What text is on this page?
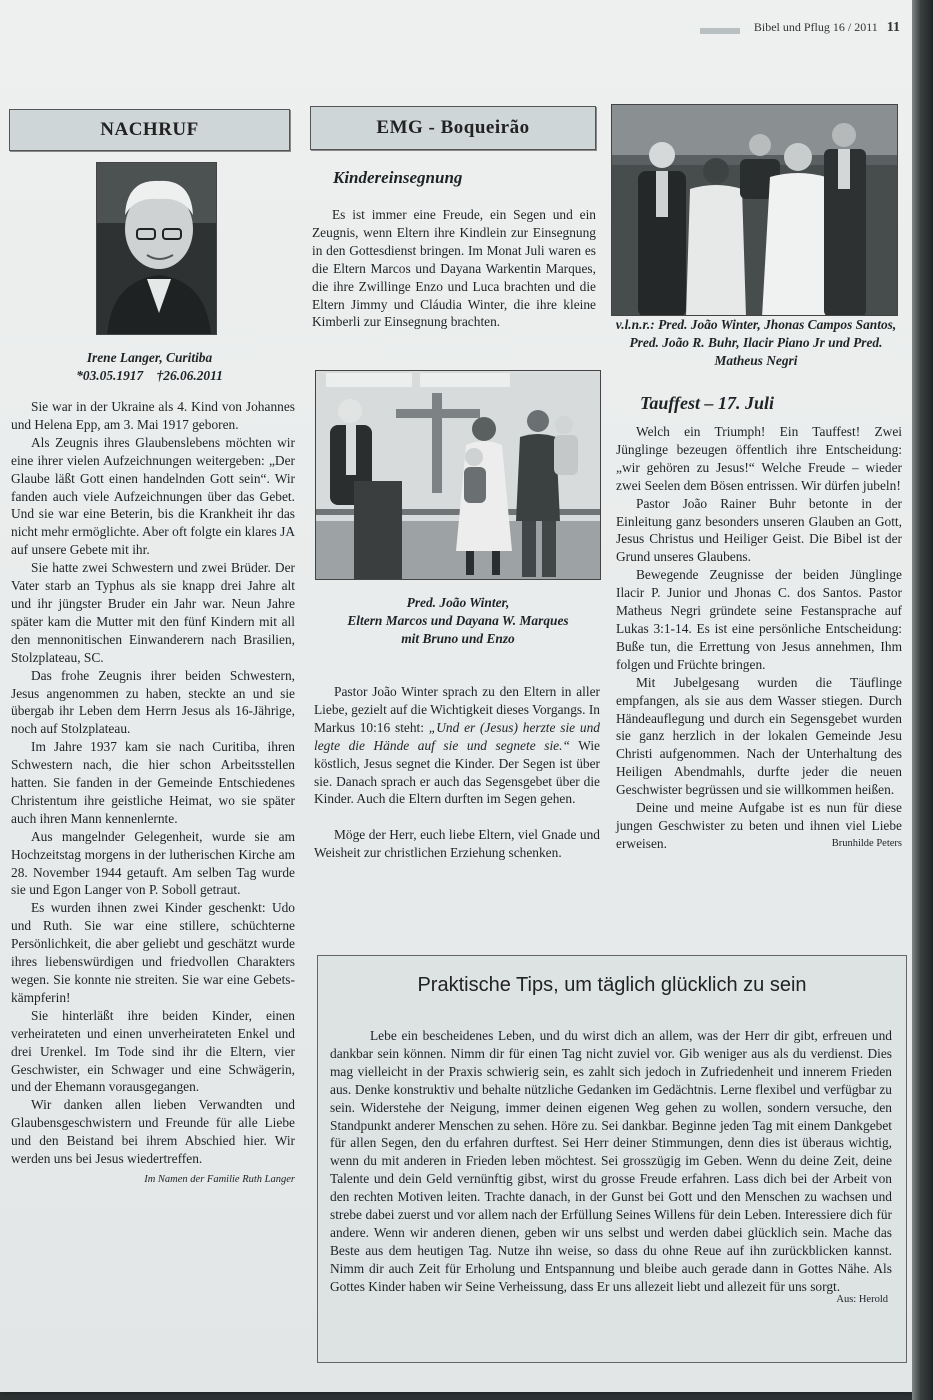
Bibel und Pflug 16 / 2011 11
NACHRUF
Irene Langer, Curitiba
*03.05.1917    †26.06.2011

Sie war in der Ukraine als 4. Kind von Johannes und Helena Epp, am 3. Mai 1917 geboren.

Als Zeugnis ihres Glaubenslebens möchten wir eine ihrer vielen Aufzeichnungen weitergeben: „Der Glaube läßt Gott einen handelnden Gott sein“. Wir fanden auch viele Aufzeichnungen über das Gebet. Und sie war eine Beterin, bis die Krankheit ihr das nicht mehr ermöglichte. Aber oft folgte ein klares JA auf unsere Gebete mit ihr.

Sie hatte zwei Schwestern und zwei Brüder. Der Vater starb an Typhus als sie knapp drei Jahre alt und ihr jüngster Bruder ein Jahr war. Neun Jahre später kam die Mutter mit den fünf Kindern mit all den mennonitischen Einwanderern nach Brasilien, Stolzplateau, SC.

Das frohe Zeugnis ihrer beiden Schwestern, Jesus angenommen zu haben, steckte an und sie übergab ihr Leben dem Herrn Jesus als 16-Jährige, noch auf Stolzplateau.

Im Jahre 1937 kam sie nach Curitiba, ihren Schwestern nach, die hier schon Arbeitsstellen hatten. Sie fanden in der Gemeinde Entschiedenes Christentum ihre geistliche Heimat, wo sie später auch ihren Mann kennenlernte.

Aus mangelnder Gelegenheit, wurde sie am Hochzeitstag morgens in der lutherischen Kirche am 28. November 1944 getauft. Am selben Tag wurde sie und Egon Langer von P. Soboll getraut.

Es wurden ihnen zwei Kinder geschenkt: Udo und Ruth. Sie war eine stillere, schüchterne Persönlichkeit, die aber geliebt und geschätzt wurde ihres liebenswürdigen und friedvollen Charakters wegen. Sie konnte nie streiten. Sie war eine Gebetskämpferin!

Sie hinterläßt ihre beiden Kinder, einen verheirateten und einen unverheirateten Enkel und drei Urenkel. Im Tode sind ihr die Eltern, vier Geschwister, ein Schwager und eine Schwägerin, und der Ehemann vorausgegangen.

Wir danken allen lieben Verwandten und Glaubensgeschwistern und Freunde für alle Liebe und den Beistand bei ihrem Abschied hier. Wir werden uns bei Jesus wiedertreffen.

Im Namen der Familie Ruth Langer
EMG - Boqueirão
Kindereinsegnung

Es ist immer eine Freude, ein Segen und ein Zeugnis, wenn Eltern ihre Kindlein zur Einsegnung in den Gottesdienst bringen. Im Monat Juli waren es die Eltern Marcos und Dayana Warkentin Marques, die ihre Zwillinge Enzo und Luca brachten und die Eltern Jimmy und Cláudia Winter, die ihre kleine Kimberli zur Einsegnung brachten.

Pred. João Winter,
Eltern Marcos und Dayana W. Marques
mit Bruno und Enzo

Pastor João Winter sprach zu den Eltern in aller Liebe, gezielt auf die Wichtigkeit dieses Vorgangs. In Markus 10:16 steht: „Und er (Jesus) herzte sie und legte die Hände auf sie und segnete sie.“ Wie köstlich, Jesus segnet die Kinder. Der Segen ist über sie. Danach sprach er auch das Segensgebet über die Kinder. Auch die Eltern durften im Segen gehen.

Möge der Herr, euch liebe Eltern, viel Gnade und Weisheit zur christlichen Erziehung schenken.

v.l.n.r.: Pred. João Winter, Jhonas Campos Santos, Pred. João R. Buhr, Ilacir Piano Jr und Pred. Matheus Negri
Tauffest – 17. Juli

Welch ein Triumph! Ein Tauffest! Zwei Jünglinge bezeugen öffentlich ihre Entscheidung: „wir gehören zu Jesus!“ Welche Freude – wieder zwei Seelen dem Bösen entrissen. Wir dürfen jubeln!

Pastor João Rainer Buhr betonte in der Einleitung ganz besonders unseren Glauben an Gott, Jesus Christus und Heiliger Geist. Die Bibel ist der Grund unseres Glaubens.

Bewegende Zeugnisse der beiden Jünglinge Ilacir P. Junior und Jhonas C. dos Santos. Pastor Matheus Negri gründete seine Festansprache auf Lukas 3:1-14. Es ist eine persönliche Entscheidung: Buße tun, die Errettung von Jesus annehmen, Ihm folgen und Früchte bringen.

Mit Jubelgesang wurden die Täuflinge empfangen, als sie aus dem Wasser stiegen. Durch Händeauflegung und durch ein Segensgebet wurden sie ganz herzlich in der lokalen Gemeinde Jesu Christi aufgenommen. Nach der Unterhaltung des Heiligen Abendmahls, durfte jeder die neuen Geschwister begrüssen und sie willkommen heißen.

Deine und meine Aufgabe ist es nun für diese jungen Geschwister zu beten und ihnen viel Liebe erweisen.	Brunhilde Peters

Praktische Tips, um täglich glücklich zu sein

Lebe ein bescheidenes Leben, und du wirst dich an allem, was der Herr dir gibt, erfreuen und dankbar sein können. Nimm dir für einen Tag nicht zuviel vor. Gib weniger aus als du verdienst. Dies mag vielleicht in der Praxis schwierig sein, es zahlt sich jedoch in Zufriedenheit und innerem Frieden aus. Denke konstruktiv und behalte nützliche Gedanken im Gedächtnis. Lerne flexibel und verfügbar zu sein. Widerstehe der Neigung, immer deinen eigenen Weg gehen zu wollen, sondern versuche, den Standpunkt anderer Menschen zu sehen. Höre zu. Sei dankbar. Beginne jeden Tag mit einem Dankgebet für allen Segen, den du erfahren durftest. Sei Herr deiner Stimmungen, denn dies ist überaus wichtig, wenn du mit anderen in Frieden leben möchtest. Sei grosszügig im Geben. Wenn du deine Zeit, deine Talente und dein Geld vernünftig gibst, wirst du grosse Freude erfahren. Lass dich bei der Arbeit von den rechten Motiven leiten. Trachte danach, in der Gunst bei Gott und den Menschen zu wachsen und strebe dabei zuerst und vor allem nach der Erfüllung Seines Willens für dein Leben. Interessiere dich für andere. Wenn wir anderen dienen, geben wir uns selbst und werden dabei glücklich sein. Mache das Beste aus dem heutigen Tag. Nutze ihn weise, so dass du ohne Reue auf ihn zurückblicken kannst. Nimm dir auch Zeit für Erholung und Entspannung und bleibe auch gerade dann in Gottes Nähe. Als Gottes Kinder haben wir Seine Verheissung, dass Er uns allezeit liebt und allezeit für uns sorgt.

Aus: Herold
